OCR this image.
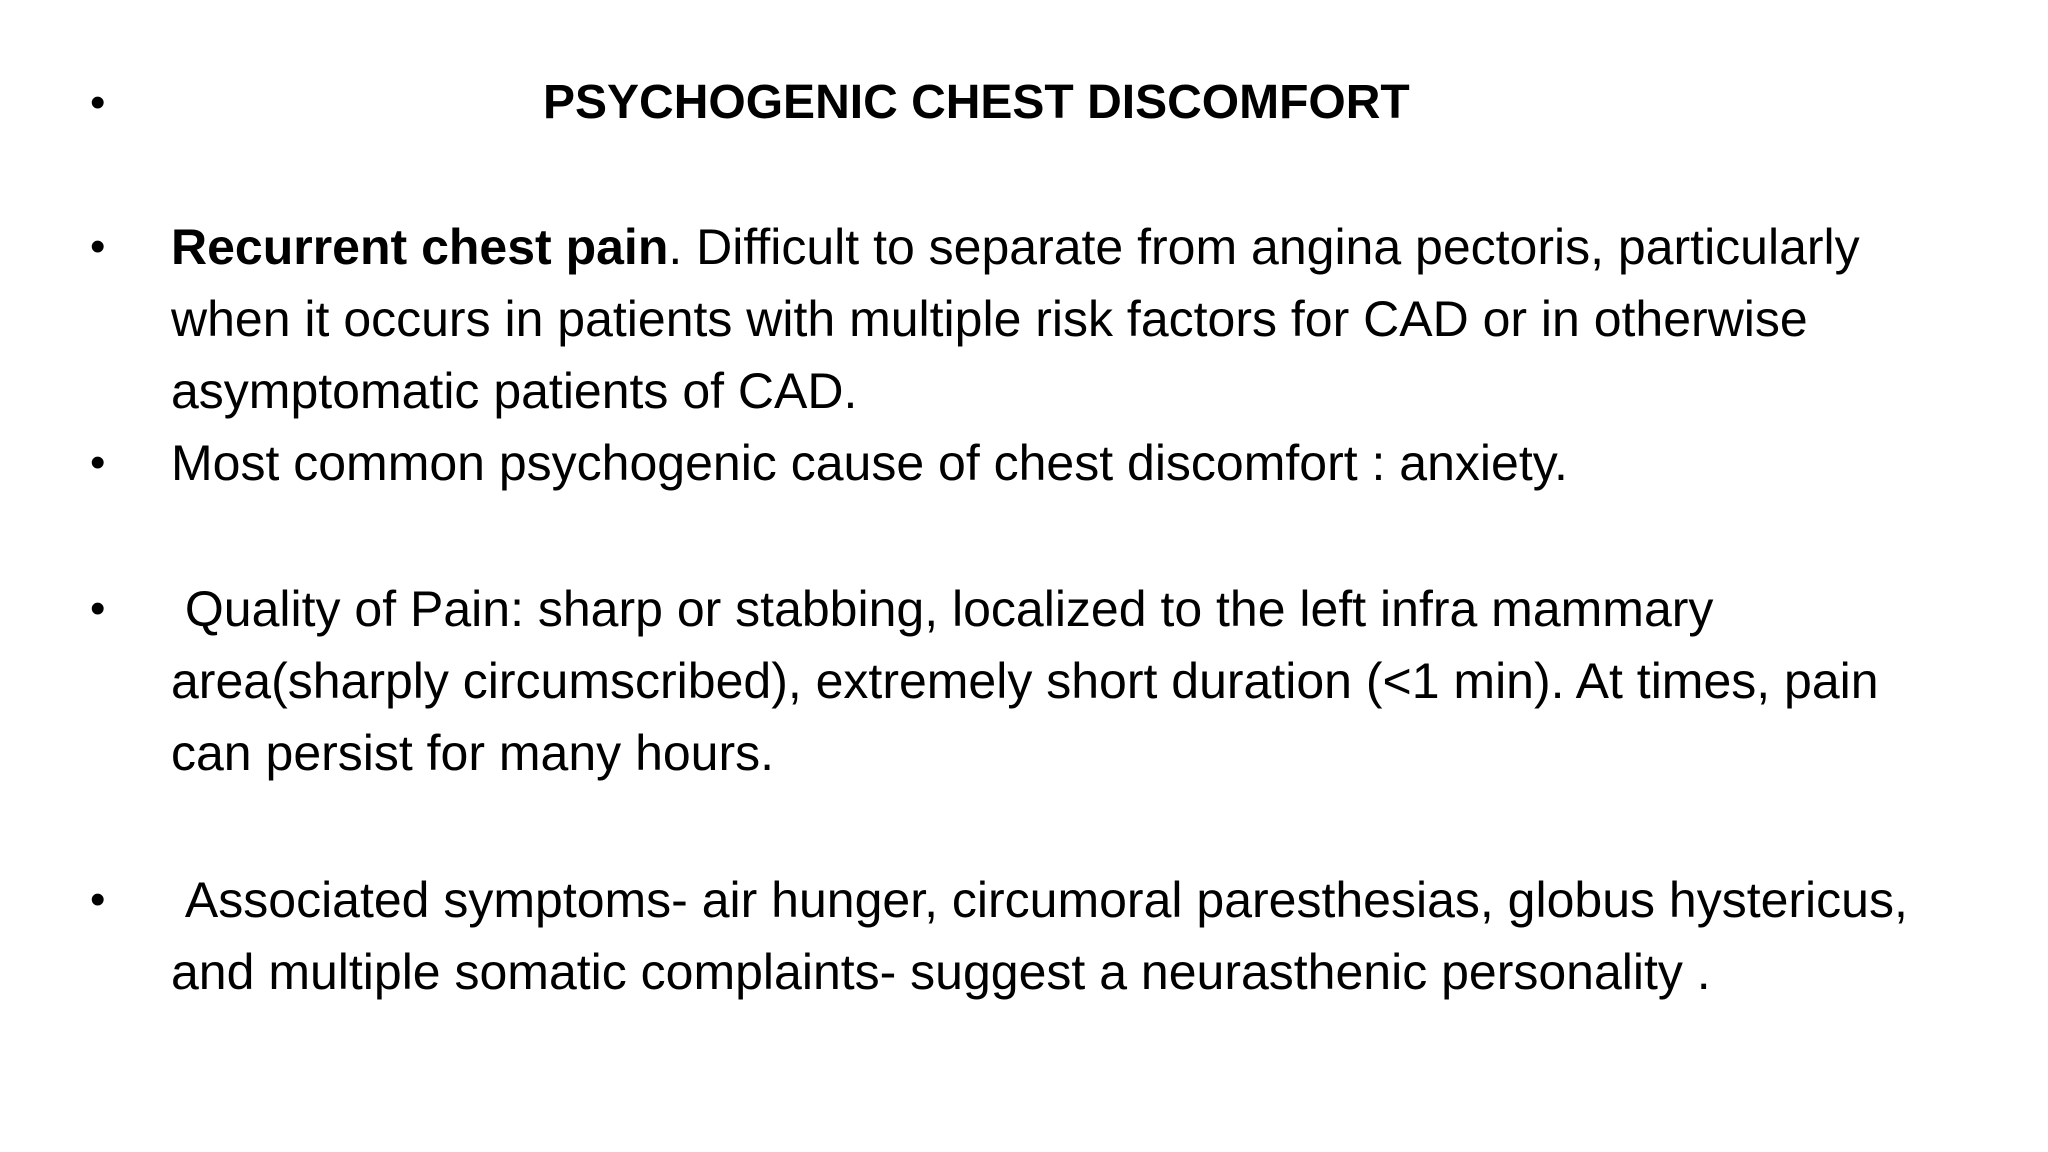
•	PSYCHOGENIC CHEST DISCOMFORT
• Recurrent chest pain. Difficult to separate from angina pectoris, particularly when it occurs in patients with multiple risk factors for CAD or in otherwise asymptomatic patients of CAD.
• Most common psychogenic cause of chest discomfort : anxiety.
• Quality of Pain: sharp or stabbing, localized to the left infra mammary area(sharply circumscribed), extremely short duration (<1 min). At times, pain can persist for many hours.
• Associated symptoms- air hunger, circumoral paresthesias, globus hystericus, and multiple somatic complaints- suggest a neurasthenic personality .
